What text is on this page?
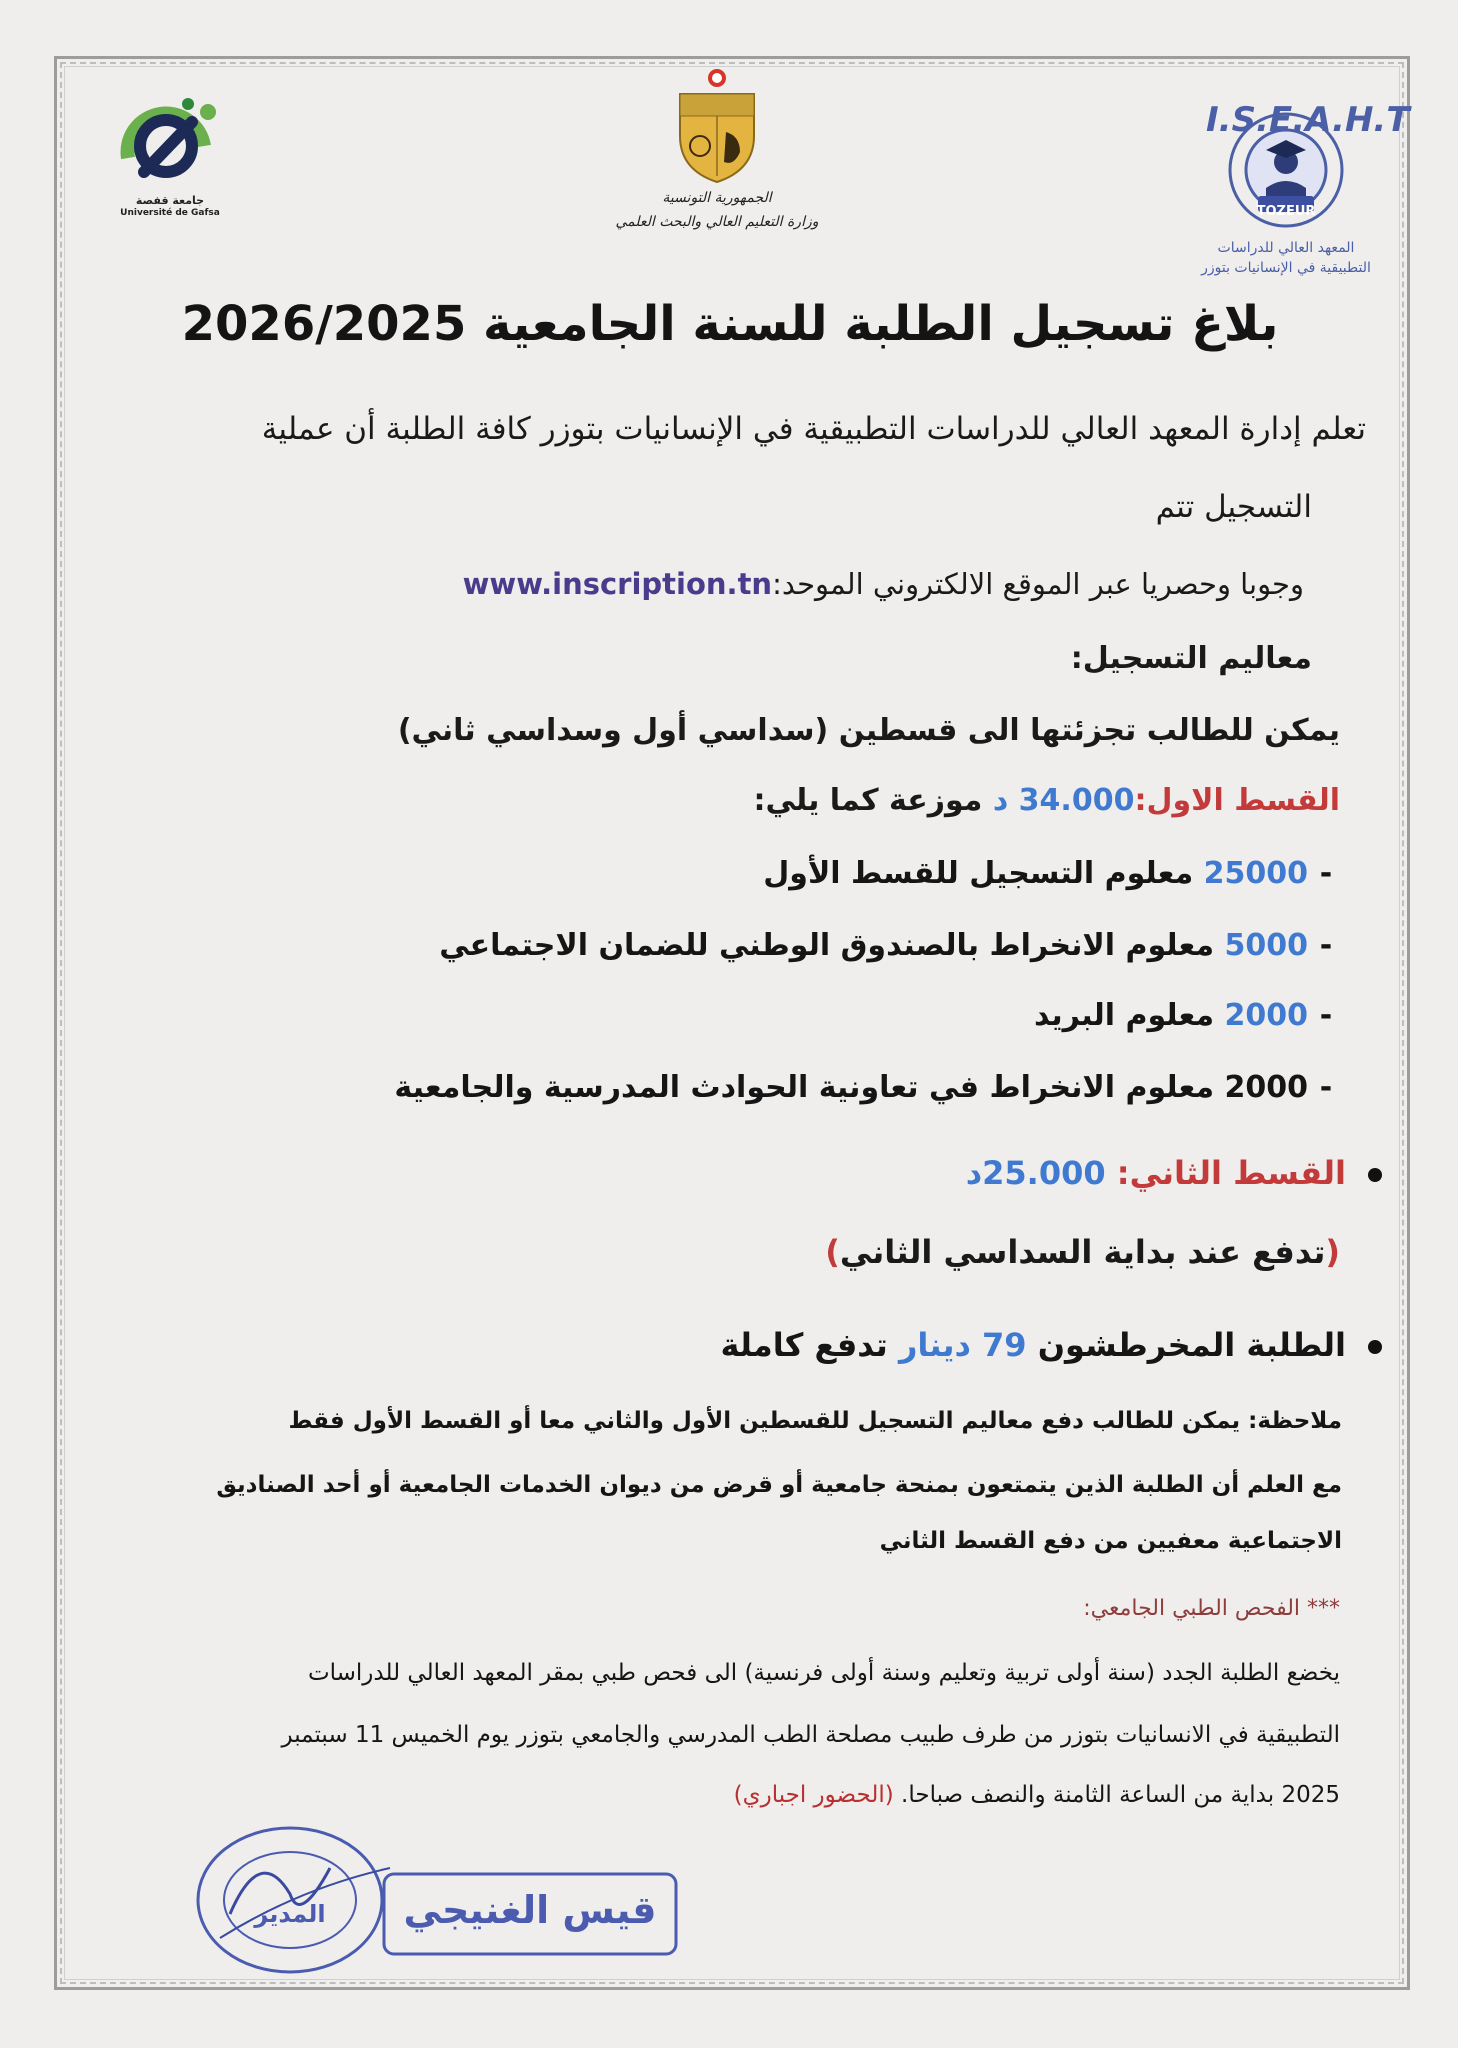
جامعة قفصة
Université de Gafsa
الجمهورية التونسية
وزارة التعليم العالي والبحث العلمي
I.S.E.A.H.T
TOZEUR
المعهد العالي للدراسات
التطبيقية في الإنسانيات بتوزر
بلاغ تسجيل الطلبة للسنة الجامعية 2026/2025
تعلم إدارة المعهد العالي للدراسات التطبيقية في الإنسانيات بتوزر كافة الطلبة أن عملية
التسجيل تتم
وجوبا وحصريا عبر الموقع الالكتروني الموحد:www.inscription.tn
معاليم التسجيل:
يمكن للطالب تجزئتها الى قسطين (سداسي أول وسداسي ثاني)
القسط الاول:34.000 د موزعة كما يلي:
-25000 معلوم التسجيل للقسط الأول
-5000 معلوم الانخراط بالصندوق الوطني للضمان الاجتماعي
-2000 معلوم البريد
-2000 معلوم الانخراط في تعاونية الحوادث المدرسية والجامعية
القسط الثاني: 25.000د
(تدفع عند بداية السداسي الثاني)
الطلبة المخرطشون 79 دينار تدفع كاملة
ملاحظة: يمكن للطالب دفع معاليم التسجيل للقسطين الأول والثاني معا أو القسط الأول فقط
مع العلم أن الطلبة الذين يتمتعون بمنحة جامعية أو قرض من ديوان الخدمات الجامعية أو أحد الصناديق
الاجتماعية معفيين من دفع القسط الثاني
*** الفحص الطبي الجامعي:
يخضع الطلبة الجدد (سنة أولى تربية وتعليم وسنة أولى فرنسية) الى فحص طبي بمقر المعهد العالي للدراسات
التطبيقية في الانسانيات بتوزر من طرف طبيب مصلحة الطب المدرسي والجامعي بتوزر يوم الخميس 11 سبتمبر
2025 بداية من الساعة الثامنة والنصف صباحا. (الحضور اجباري)
المدير	قيس الغنيجي
